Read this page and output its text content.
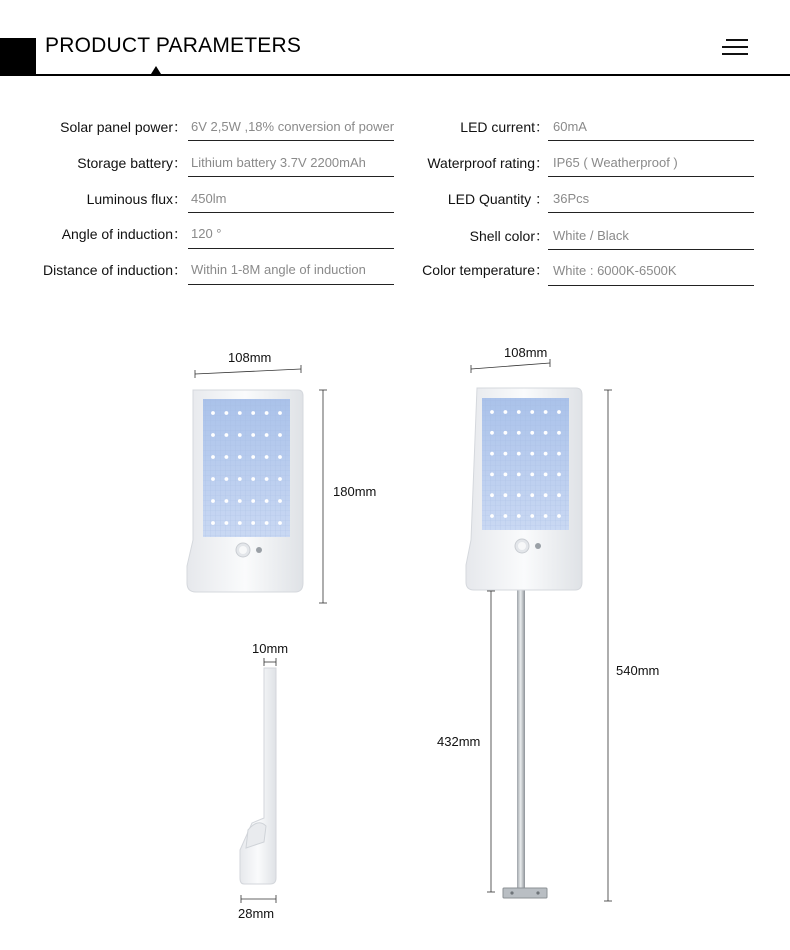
PRODUCT PARAMETERS
Solar panel power： 6V 2,5W ,18% conversion of power
Storage battery： Lithium battery 3.7V 2200mAh
Luminous flux： 450lm
Angle of induction： 120 °
Distance of induction： Within 1-8M angle of induction
LED current： 60mA
Waterproof rating： IP65 ( Weatherproof )
LED Quantity ： 36Pcs
Shell color： White / Black
Color temperature： White : 6000K-6500K
108mm
180mm
108mm
540mm
432mm
10mm
28mm
